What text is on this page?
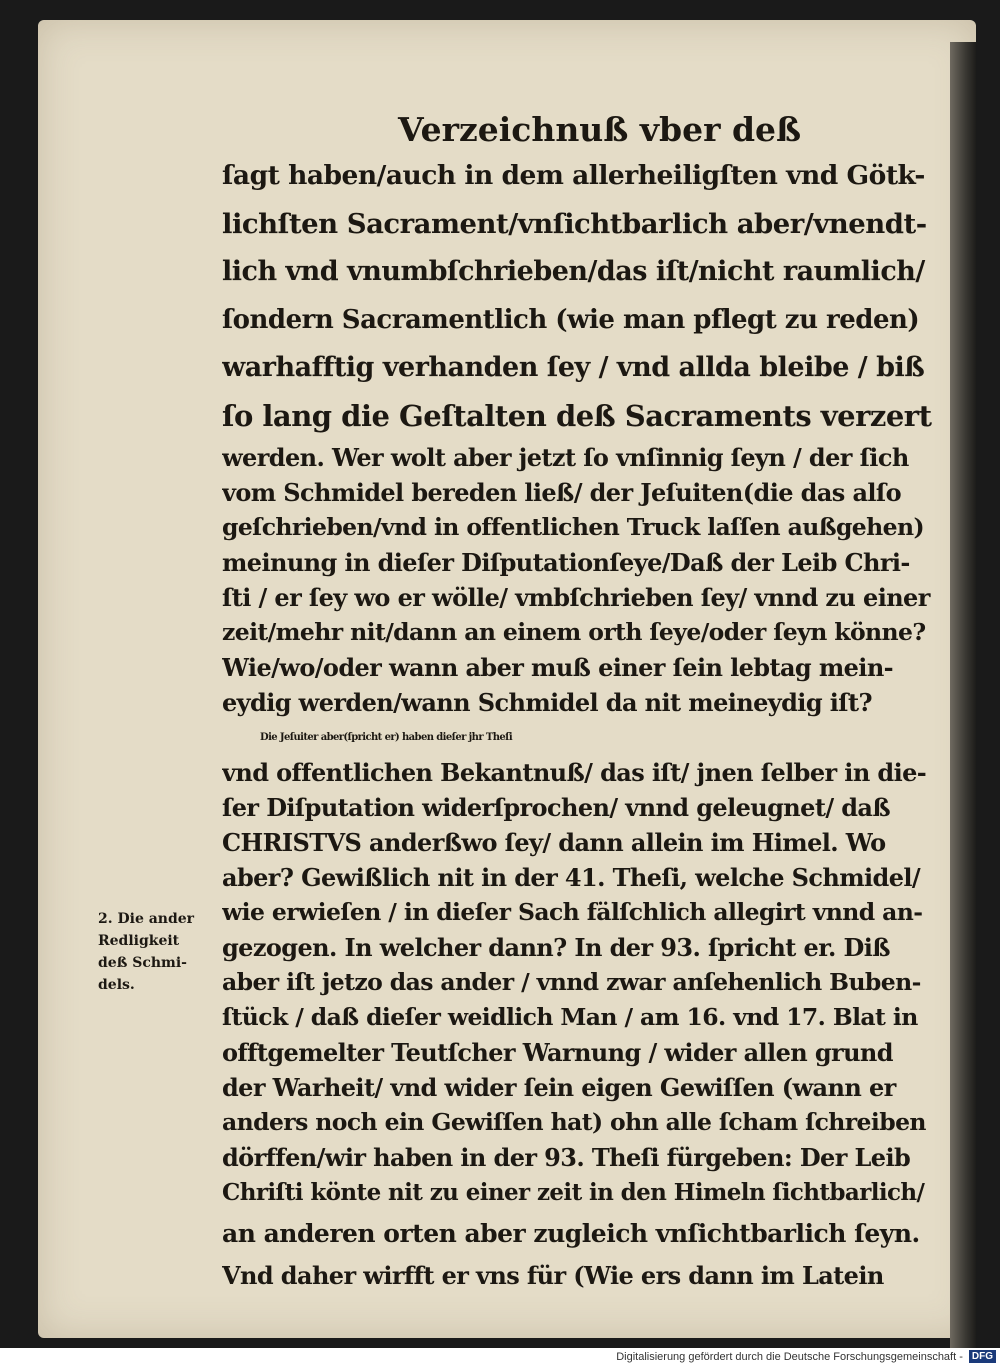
Verzeichnuß vber deß
ſagt haben/auch in dem allerheiligſten vnd Götk-
lichſten Sacrament/vnſichtbarlich aber/vnendt-
lich vnd vnumbſchrieben/das iſt/nicht raumlich/
ſondern Sacramentlich (wie man pflegt zu reden)
warhafftig verhanden ſey / vnd allda bleibe / biß
ſo lang die Geſtalten deß Sacraments verzert
werden. Wer wolt aber jetzt ſo vnſinnig ſeyn / der ſich
vom Schmidel bereden ließ/ der Jeſuiten(die das alſo
geſchrieben/vnd in offentlichen Truck laſſen außgehen)
meinung in dieſer Diſputationſeye/Daß der Leib Chri-
ſti / er ſey wo er wölle/ vmbſchrieben ſey/ vnnd zu einer
zeit/mehr nit/dann an einem orth ſeye/oder ſeyn könne?
Wie/wo/oder wann aber muß einer ſein lebtag mein-
eydig werden/wann Schmidel da nit meineydig iſt?
Die Jeſuiter aber(ſpricht er) haben dieſer jhr Theſi
vnd offentlichen Bekantnuß/ das iſt/ jnen ſelber in die-
ſer Diſputation widerſprochen/ vnnd geleugnet/ daß
CHRISTVS anderßwo ſey/ dann allein im Himel. Wo
aber? Gewißlich nit in der 41. Theſi, welche Schmidel/
wie erwieſen / in dieſer Sach fälſchlich allegirt vnnd an-
gezogen. In welcher dann? In der 93. ſpricht er. Diß
aber iſt jetzo das ander / vnnd zwar anſehenlich Buben-
ſtück / daß dieſer weidlich Man / am 16. vnd 17. Blat in
offtgemelter Teutſcher Warnung / wider allen grund
der Warheit/ vnd wider ſein eigen Gewiſſen (wann er
anders noch ein Gewiſſen hat) ohn alle ſcham ſchreiben
dörffen/wir haben in der 93. Theſi fürgeben: Der Leib
Chriſti könte nit zu einer zeit in den Himeln ſichtbarlich/
an anderen orten aber zugleich vnſichtbarlich ſeyn.
Vnd daher wirfft er vns für (Wie ers dann im Latein
2. Die ander
Redligkeit
deß Schmi-
dels.
Digitalisierung gefördert durch die Deutsche Forschungsgemeinschaft - DFG
